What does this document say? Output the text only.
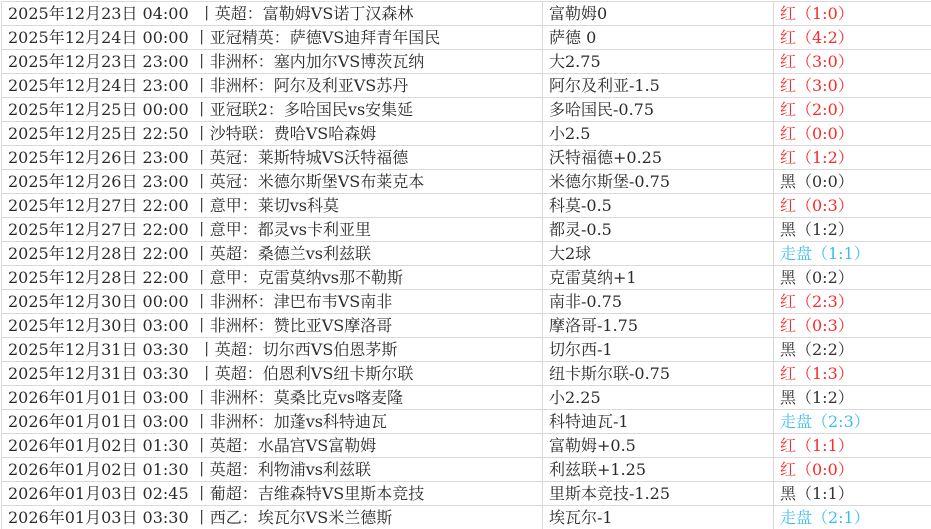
2025年12月23日 04:00  丨英超：富勒姆VS诺丁汉森林	富勒姆0	红（1:0）
2025年12月24日 00:00 丨亚冠精英：萨德VS迪拜青年国民	萨德 0	红（4:2）
2025年12月23日 23:00 丨非洲杯：塞内加尔VS博茨瓦纳	大2.75	红（3:0）
2025年12月24日 23:00 丨非洲杯：阿尔及利亚VS苏丹	阿尔及利亚-1.5	红（3:0）
2025年12月25日 00:00 丨亚冠联2：多哈国民vs安集延	多哈国民-0.75	红（2:0）
2025年12月25日 22:50 丨沙特联：费哈VS哈森姆	小2.5	红（0:0）
2025年12月26日 23:00 丨英冠：莱斯特城VS沃特福德	沃特福德+0.25	红（1:2）
2025年12月26日 23:00 丨英冠：米德尔斯堡VS布莱克本	米德尔斯堡-0.75	黑（0:0）
2025年12月27日 22:00 丨意甲：莱切vs科莫	科莫-0.5	红（0:3）
2025年12月27日 22:00 丨意甲：都灵vs卡利亚里	都灵-0.5	黑（1:2）
2025年12月28日 22:00 丨英超：桑德兰vs利兹联	大2球	走盘（1:1）
2025年12月28日 22:00 丨意甲：克雷莫纳vs那不勒斯	克雷莫纳+1	黑（0:2）
2025年12月30日 00:00 丨非洲杯：津巴布韦VS南非	南非-0.75	红（2:3）
2025年12月30日 03:00 丨非洲杯：赞比亚VS摩洛哥	摩洛哥-1.75	红（0:3）
2025年12月31日 03:30  丨英超：切尔西VS伯恩茅斯	切尔西-1	黑（2:2）
2025年12月31日 03:30  丨英超：伯恩利VS纽卡斯尔联	纽卡斯尔联-0.75	红（1:3）
2026年01月01日 03:00 丨非洲杯：莫桑比克vs喀麦隆	小2.25	黑（1:2）
2026年01月01日 03:00 丨非洲杯：加蓬vs科特迪瓦	科特迪瓦-1	走盘（2:3）
2026年01月02日 01:30 丨英超：水晶宫VS富勒姆	富勒姆+0.5	红（1:1）
2026年01月02日 01:30 丨英超：利物浦vs利兹联	利兹联+1.25	红（0:0）
2026年01月03日 02:45 丨葡超：吉维森特VS里斯本竞技	里斯本竞技-1.25	黑（1:1）
2026年01月03日 03:30 丨西乙：埃瓦尔VS米兰德斯	埃瓦尔-1	走盘（2:1）
